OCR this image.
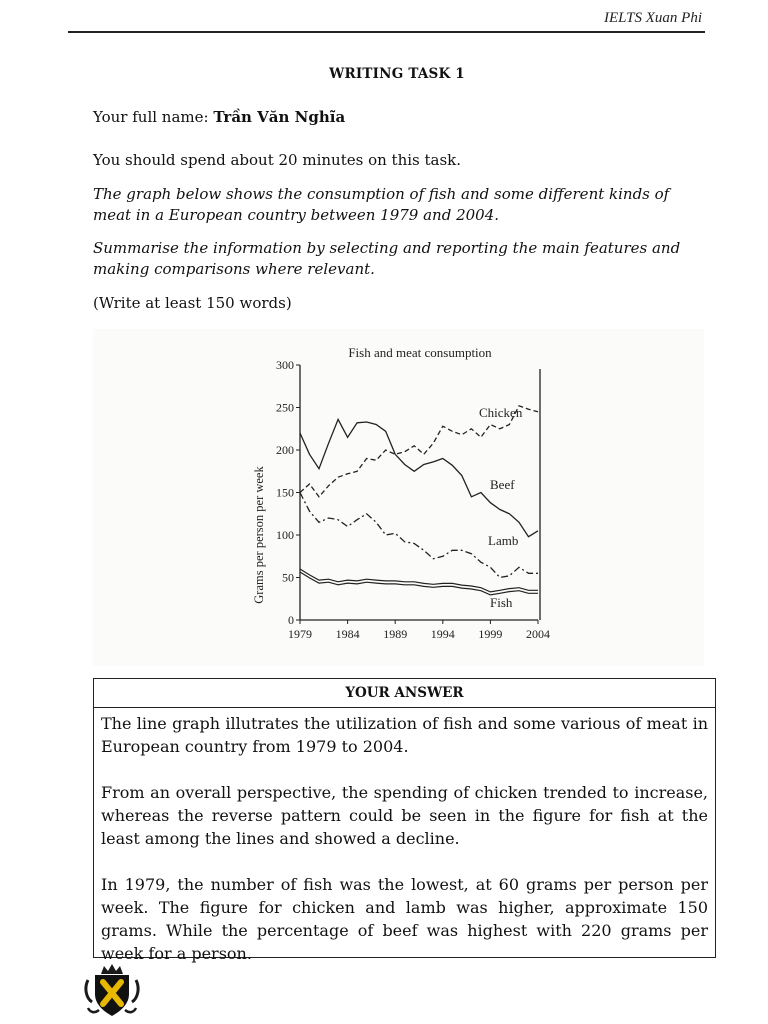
IELTS Xuan Phi
WRITING TASK 1
Your full name: Trần Văn Nghĩa
You should spend about 20 minutes on this task.
The graph below shows the consumption of fish and some different kinds of meat in a European country between 1979 and 2004.
Summarise the information by selecting and reporting the main features and making comparisons where relevant.
(Write at least 150 words)
Fish and meat consumption
Grams per person per week
300
250
200
150
100
50
0
1979 1984 1989 1994 1999 2004
Chicken
Beef
Lamb
Fish
YOUR ANSWER

The line graph illutrates the utilization of fish and some various of meat in European country from 1979 to 2004.

From an overall perspective, the spending of chicken trended to increase, whereas the reverse pattern could be seen in the figure for fish at the least among the lines and showed a decline.

In 1979, the number of fish was the lowest, at 60 grams per person per week. The figure for chicken and lamb was higher, approximate 150 grams. While the percentage of beef was highest with 220 grams per week for a person.
